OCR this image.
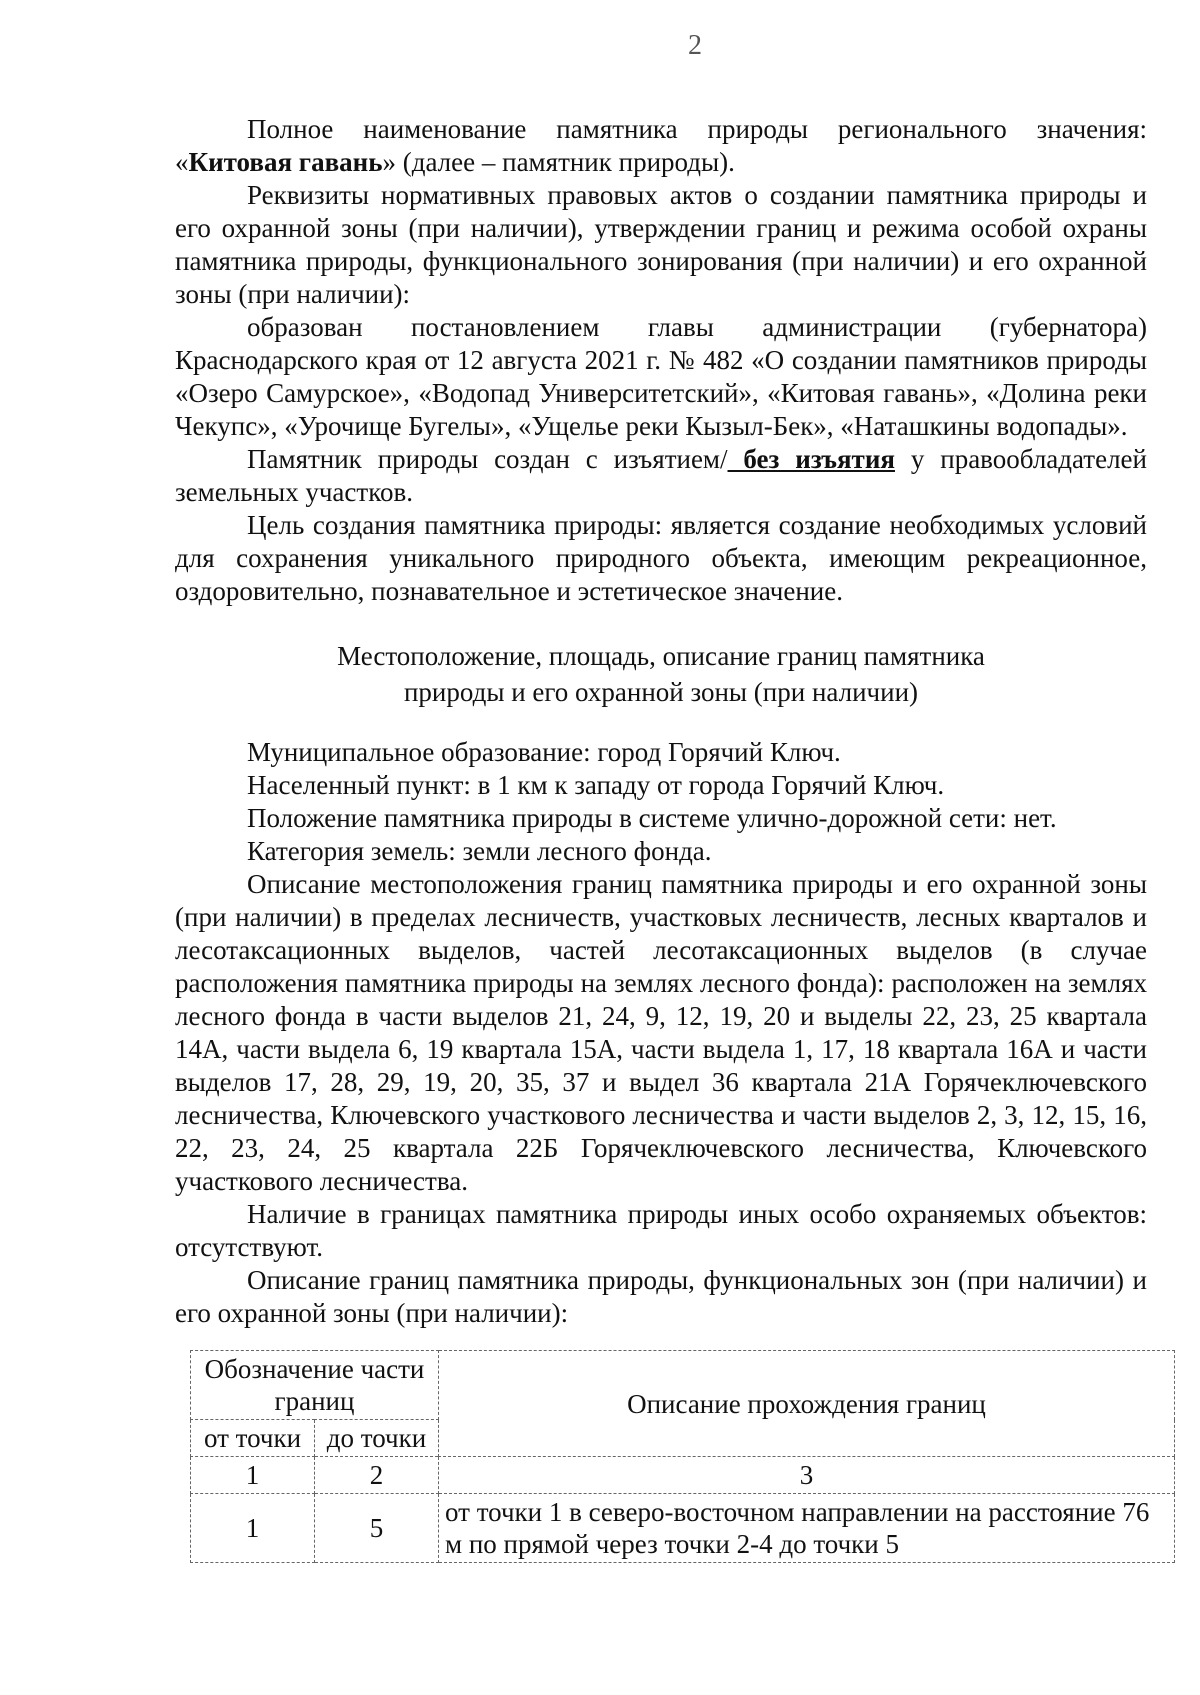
2

Полное наименование памятника природы регионального значения: «Китовая гавань» (далее – памятник природы).

Реквизиты нормативных правовых актов о создании памятника природы и его охранной зоны (при наличии), утверждении границ и режима особой охраны памятника природы, функционального зонирования (при наличии) и его охранной зоны (при наличии):

образован постановлением главы администрации (губернатора) Краснодарского края от 12 августа 2021 г. № 482 «О создании памятников природы «Озеро Самурское», «Водопад Университетский», «Китовая гавань», «Долина реки Чекупс», «Урочище Бугелы», «Ущелье реки Кызыл-Бек», «Наташкины водопады».

Памятник природы создан с изъятием/ без изъятия у правообладателей земельных участков.

Цель создания памятника природы: является создание необходимых условий для сохранения уникального природного объекта, имеющим рекреационное, оздоровительно, познавательное и эстетическое значение.

Местоположение, площадь, описание границ памятника
природы и его охранной зоны (при наличии)

Муниципальное образование: город Горячий Ключ.

Населенный пункт: в 1 км к западу от города Горячий Ключ.

Положение памятника природы в системе улично-дорожной сети: нет.

Категория земель: земли лесного фонда.

Описание местоположения границ памятника природы и его охранной зоны (при наличии) в пределах лесничеств, участковых лесничеств, лесных кварталов и лесотаксационных выделов, частей лесотаксационных выделов (в случае расположения памятника природы на землях лесного фонда): расположен на землях лесного фонда в части выделов 21, 24, 9, 12, 19, 20 и выделы 22, 23, 25 квартала 14А, части выдела 6, 19 квартала 15А, части выдела 1, 17, 18 квартала 16А и части выделов 17, 28, 29, 19, 20, 35, 37 и выдел 36 квартала 21А Горячеключевского лесничества, Ключевского участкового лесничества и части выделов 2, 3, 12, 15, 16, 22, 23, 24, 25 квартала 22Б Горячеключевского лесничества, Ключевского участкового лесничества.

Наличие в границах памятника природы иных особо охраняемых объектов: отсутствуют.

Описание границ памятника природы, функциональных зон (при наличии) и его охранной зоны (при наличии):

Обозначение части границ		Описание прохождения границ
от точки	до точки	
1	2	3
1	5	от точки 1 в северо-восточном направлении на расстояние 76 м по прямой через точки 2-4 до точки 5
